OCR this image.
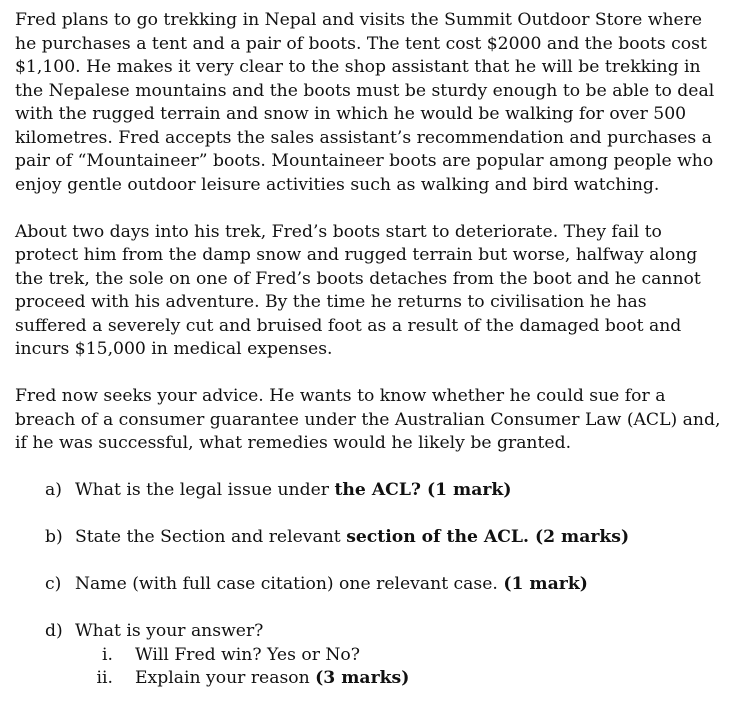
Fred plans to go trekking in Nepal and visits the Summit Outdoor Store where he purchases a tent and a pair of boots. The tent cost $2000 and the boots cost $1,100. He makes it very clear to the shop assistant that he will be trekking in the Nepalese mountains and the boots must be sturdy enough to be able to deal with the rugged terrain and snow in which he would be walking for over 500 kilometres. Fred accepts the sales assistant’s recommendation and purchases a pair of “Mountaineer” boots. Mountaineer boots are popular among people who enjoy gentle outdoor leisure activities such as walking and bird watching.

About two days into his trek, Fred’s boots start to deteriorate. They fail to protect him from the damp snow and rugged terrain but worse, halfway along the trek, the sole on one of Fred’s boots detaches from the boot and he cannot proceed with his adventure. By the time he returns to civilisation he has suffered a severely cut and bruised foot as a result of the damaged boot and incurs $15,000 in medical expenses.

Fred now seeks your advice. He wants to know whether he could sue for a breach of a consumer guarantee under the Australian Consumer Law (ACL) and, if he was successful, what remedies would he likely be granted.

a) What is the legal issue under the ACL? (1 mark)
b) State the Section and relevant section of the ACL. (2 marks)
c) Name (with full case citation) one relevant case. (1 mark)
d) What is your answer?
i. Will Fred win? Yes or No?
ii. Explain your reason (3 marks)
